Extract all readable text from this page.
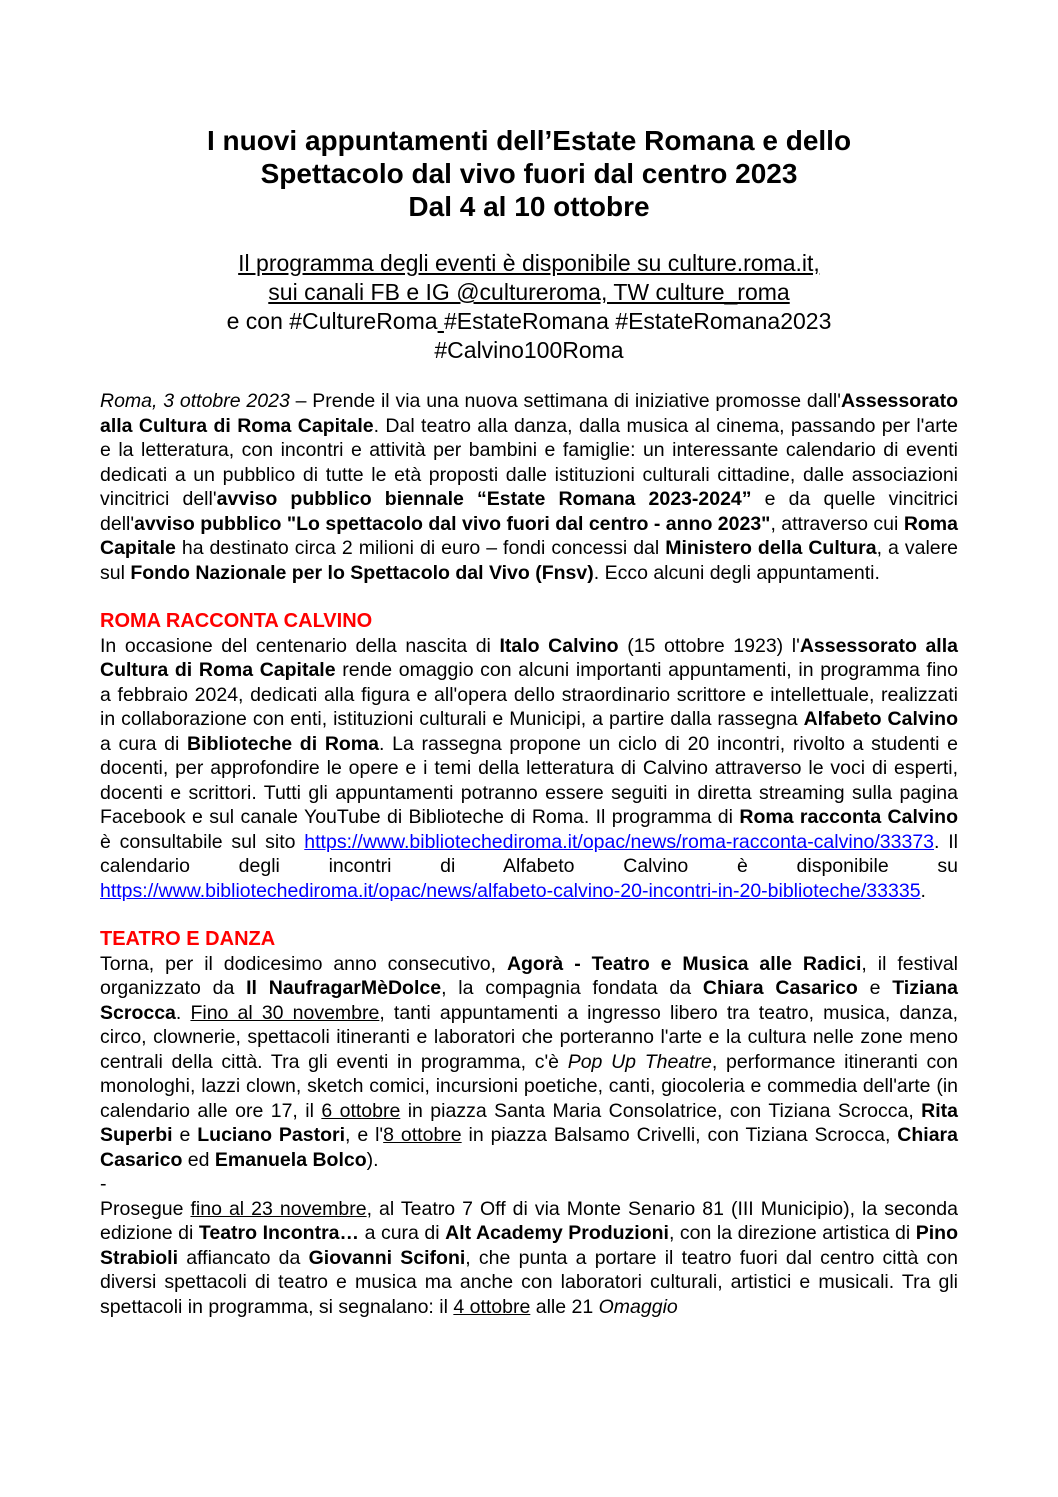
I nuovi appuntamenti dell’Estate Romana e dello
Spettacolo dal vivo fuori dal centro 2023
Dal 4 al 10 ottobre
Il programma degli eventi è disponibile su culture.roma.it,
sui canali FB e IG @cultureroma, TW culture_roma
e con #CultureRoma #EstateRomana #EstateRomana2023
#Calvino100Roma
Roma, 3 ottobre 2023 – Prende il via una nuova settimana di iniziative promosse dall'Assessorato alla Cultura di Roma Capitale. Dal teatro alla danza, dalla musica al cinema, passando per l'arte e la letteratura, con incontri e attività per bambini e famiglie: un interessante calendario di eventi dedicati a un pubblico di tutte le età proposti dalle istituzioni culturali cittadine, dalle associazioni vincitrici dell'avviso pubblico biennale “Estate Romana 2023-2024” e da quelle vincitrici dell'avviso pubblico "Lo spettacolo dal vivo fuori dal centro - anno 2023", attraverso cui Roma Capitale ha destinato circa 2 milioni di euro – fondi concessi dal Ministero della Cultura, a valere sul Fondo Nazionale per lo Spettacolo dal Vivo (Fnsv). Ecco alcuni degli appuntamenti.
ROMA RACCONTA CALVINO
In occasione del centenario della nascita di Italo Calvino (15 ottobre 1923) l'Assessorato alla Cultura di Roma Capitale rende omaggio con alcuni importanti appuntamenti, in programma fino a febbraio 2024, dedicati alla figura e all'opera dello straordinario scrittore e intellettuale, realizzati in collaborazione con enti, istituzioni culturali e Municipi, a partire dalla rassegna Alfabeto Calvino a cura di Biblioteche di Roma. La rassegna propone un ciclo di 20 incontri, rivolto a studenti e docenti, per approfondire le opere e i temi della letteratura di Calvino attraverso le voci di esperti, docenti e scrittori. Tutti gli appuntamenti potranno essere seguiti in diretta streaming sulla pagina Facebook e sul canale YouTube di Biblioteche di Roma. Il programma di Roma racconta Calvino è consultabile sul sito https://www.bibliotechediroma.it/opac/news/roma-racconta-calvino/33373. Il calendario degli incontri di Alfabeto Calvino è disponibile su https://www.bibliotechediroma.it/opac/news/alfabeto-calvino-20-incontri-in-20-biblioteche/33335.
TEATRO E DANZA
Torna, per il dodicesimo anno consecutivo, Agorà - Teatro e Musica alle Radici, il festival organizzato da Il NaufragarMèDolce, la compagnia fondata da Chiara Casarico e Tiziana Scrocca. Fino al 30 novembre, tanti appuntamenti a ingresso libero tra teatro, musica, danza, circo, clownerie, spettacoli itineranti e laboratori che porteranno l'arte e la cultura nelle zone meno centrali della città. Tra gli eventi in programma, c'è Pop Up Theatre, performance itineranti con monologhi, lazzi clown, sketch comici, incursioni poetiche, canti, giocoleria e commedia dell'arte (in calendario alle ore 17, il 6 ottobre in piazza Santa Maria Consolatrice, con Tiziana Scrocca, Rita Superbi e Luciano Pastori, e l'8 ottobre in piazza Balsamo Crivelli, con Tiziana Scrocca, Chiara Casarico ed Emanuela Bolco).
-
Prosegue fino al 23 novembre, al Teatro 7 Off di via Monte Senario 81 (III Municipio), la seconda edizione di Teatro Incontra… a cura di Alt Academy Produzioni, con la direzione artistica di Pino Strabioli affiancato da Giovanni Scifoni, che punta a portare il teatro fuori dal centro città con diversi spettacoli di teatro e musica ma anche con laboratori culturali, artistici e musicali. Tra gli spettacoli in programma, si segnalano: il 4 ottobre alle 21 Omaggio
